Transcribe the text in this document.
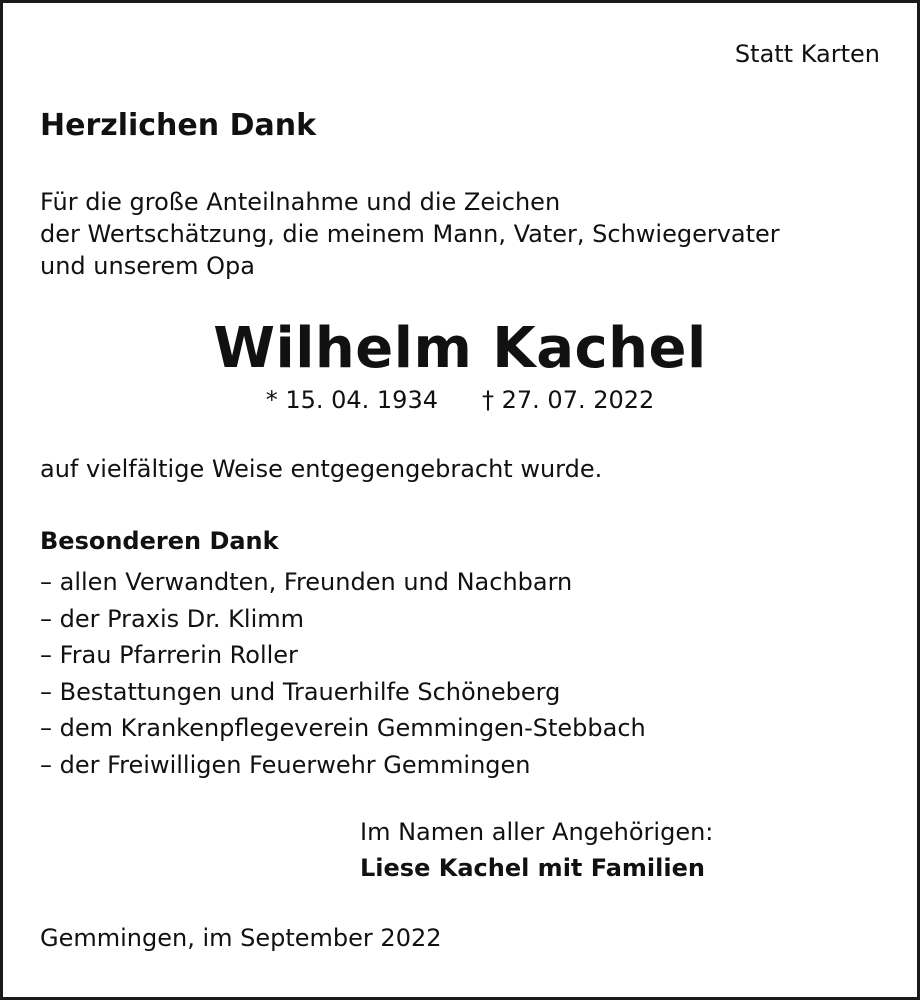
Statt Karten
Herzlichen Dank
Für die große Anteilnahme und die Zeichen
der Wertschätzung, die meinem Mann, Vater, Schwiegervater
und unserem Opa
Wilhelm Kachel
* 15. 04. 1934 † 27. 07. 2022
auf vielfältige Weise entgegengebracht wurde.
Besonderen Dank
– allen Verwandten, Freunden und Nachbarn
– der Praxis Dr. Klimm
– Frau Pfarrerin Roller
– Bestattungen und Trauerhilfe Schöneberg
– dem Krankenpflegeverein Gemmingen-Stebbach
– der Freiwilligen Feuerwehr Gemmingen
Im Namen aller Angehörigen:
Liese Kachel mit Familien
Gemmingen, im September 2022
